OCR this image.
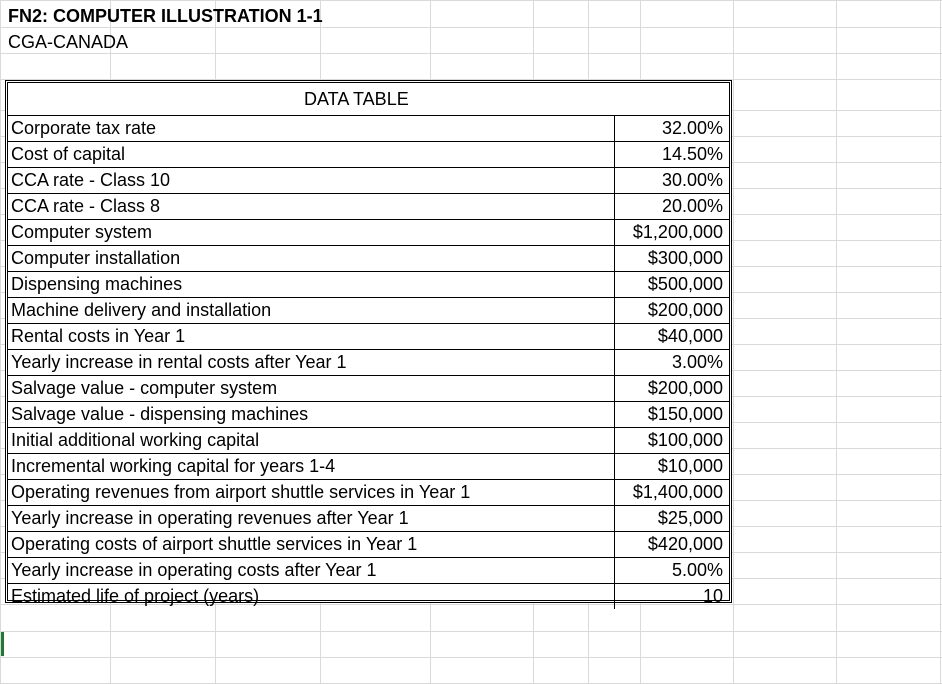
FN2: COMPUTER ILLUSTRATION 1-1
CGA-CANADA
DATA TABLE
Corporate tax rate	32.00%
Cost of capital	14.50%
CCA rate - Class 10	30.00%
CCA rate - Class 8	20.00%
Computer system	$1,200,000
Computer installation	$300,000
Dispensing machines	$500,000
Machine delivery and installation	$200,000
Rental costs in Year 1	$40,000
Yearly increase in rental costs after Year 1	3.00%
Salvage value - computer system	$200,000
Salvage value - dispensing machines	$150,000
Initial additional working capital	$100,000
Incremental working capital for years 1-4	$10,000
Operating revenues from airport shuttle services in Year 1	$1,400,000
Yearly increase in operating revenues after Year 1	$25,000
Operating costs of airport shuttle services in Year 1	$420,000
Yearly increase in operating costs after Year 1	5.00%
Estimated life of project (years)	10
